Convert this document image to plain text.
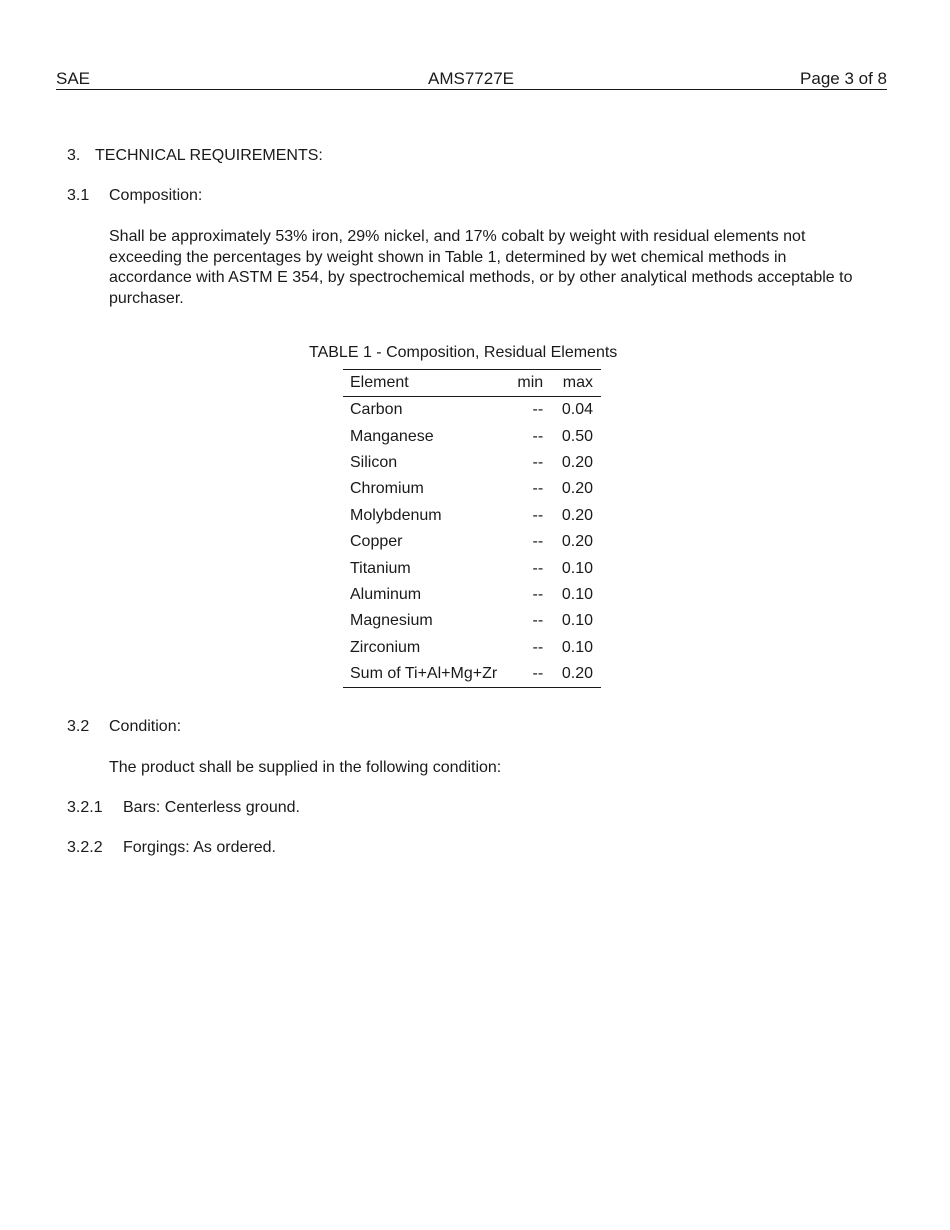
SAE	AMS7727E	Page 3 of 8
3. TECHNICAL REQUIREMENTS:
3.1 Composition:
Shall be approximately 53% iron, 29% nickel, and 17% cobalt by weight with residual elements not exceeding the percentages by weight shown in Table 1, determined by wet chemical methods in accordance with ASTM E 354, by spectrochemical methods, or by other analytical methods acceptable to purchaser.
TABLE 1 - Composition, Residual Elements
Element	min	max
Carbon	--	0.04
Manganese	--	0.50
Silicon	--	0.20
Chromium	--	0.20
Molybdenum	--	0.20
Copper	--	0.20
Titanium	--	0.10
Aluminum	--	0.10
Magnesium	--	0.10
Zirconium	--	0.10
Sum of Ti+Al+Mg+Zr	--	0.20
3.2 Condition:
The product shall be supplied in the following condition:
3.2.1 Bars: Centerless ground.
3.2.2 Forgings: As ordered.
